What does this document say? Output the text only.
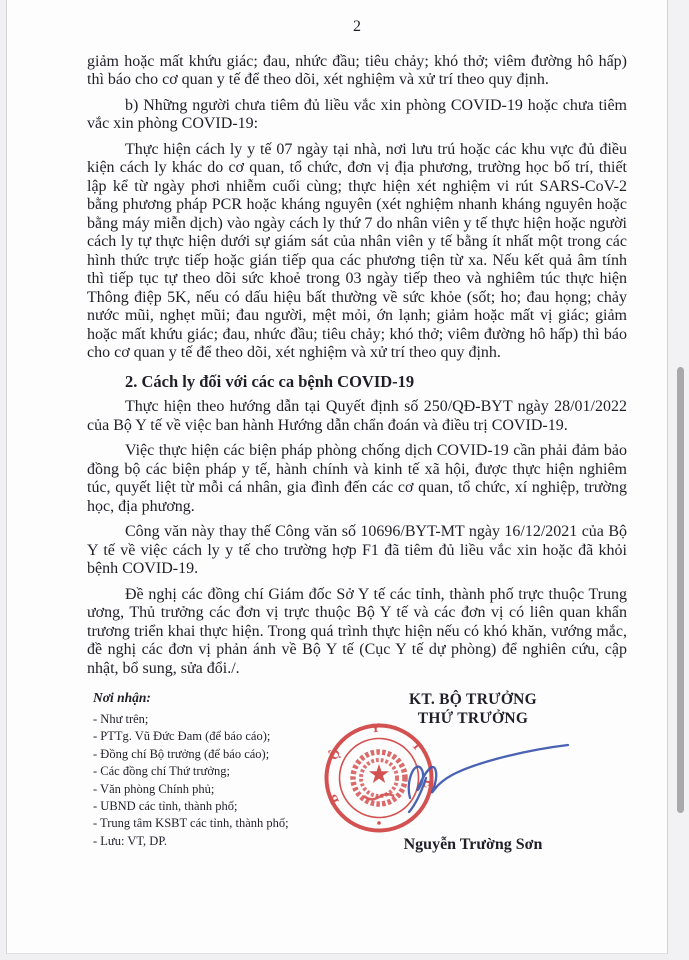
2

giảm hoặc mất khứu giác; đau, nhức đầu; tiêu chảy; khó thở; viêm đường hô hấp) thì báo cho cơ quan y tế để theo dõi, xét nghiệm và xử trí theo quy định.

b) Những người chưa tiêm đủ liều vắc xin phòng COVID-19 hoặc chưa tiêm vắc xin phòng COVID-19:

Thực hiện cách ly y tế 07 ngày tại nhà, nơi lưu trú hoặc các khu vực đủ điều kiện cách ly khác do cơ quan, tổ chức, đơn vị địa phương, trường học bố trí, thiết lập kể từ ngày phơi nhiễm cuối cùng; thực hiện xét nghiệm vi rút SARS-CoV-2 bằng phương pháp PCR hoặc kháng nguyên (xét nghiệm nhanh kháng nguyên hoặc bằng máy miễn dịch) vào ngày cách ly thứ 7 do nhân viên y tế thực hiện hoặc người cách ly tự thực hiện dưới sự giám sát của nhân viên y tế bằng ít nhất một trong các hình thức trực tiếp hoặc gián tiếp qua các phương tiện từ xa. Nếu kết quả âm tính thì tiếp tục tự theo dõi sức khoẻ trong 03 ngày tiếp theo và nghiêm túc thực hiện Thông điệp 5K, nếu có dấu hiệu bất thường về sức khỏe (sốt; ho; đau họng; chảy nước mũi, nghẹt mũi; đau người, mệt mỏi, ớn lạnh; giảm hoặc mất vị giác; giảm hoặc mất khứu giác; đau, nhức đầu; tiêu chảy; khó thở; viêm đường hô hấp) thì báo cho cơ quan y tế để theo dõi, xét nghiệm và xử trí theo quy định.

2. Cách ly đối với các ca bệnh COVID-19

Thực hiện theo hướng dẫn tại Quyết định số 250/QĐ-BYT ngày 28/01/2022 của Bộ Y tế về việc ban hành Hướng dẫn chẩn đoán và điều trị COVID-19.

Việc thực hiện các biện pháp phòng chống dịch COVID-19 cần phải đảm bảo đồng bộ các biện pháp y tế, hành chính và kinh tế xã hội, được thực hiện nghiêm túc, quyết liệt từ mỗi cá nhân, gia đình đến các cơ quan, tổ chức, xí nghiệp, trường học, địa phương.

Công văn này thay thế Công văn số 10696/BYT-MT ngày 16/12/2021 của Bộ Y tế về việc cách ly y tế cho trường hợp F1 đã tiêm đủ liều vắc xin hoặc đã khỏi bệnh COVID-19.

Đề nghị các đồng chí Giám đốc Sở Y tế các tỉnh, thành phố trực thuộc Trung ương, Thủ trưởng các đơn vị trực thuộc Bộ Y tế và các đơn vị có liên quan khẩn trương triển khai thực hiện. Trong quá trình thực hiện nếu có khó khăn, vướng mắc, đề nghị các đơn vị phản ánh về Bộ Y tế (Cục Y tế dự phòng) để nghiên cứu, cập nhật, bổ sung, sửa đổi./.

Nơi nhận:
- Như trên;
- PTTg. Vũ Đức Đam (để báo cáo);
- Đồng chí Bộ trưởng (để báo cáo);
- Các đồng chí Thứ trưởng;
- Văn phòng Chính phủ;
- UBND các tỉnh, thành phố;
- Trung tâm KSBT các tỉnh, thành phố;
- Lưu: VT, DP.
KT. BỘ TRƯỞNG
THỨ TRƯỞNG
B
Ộ
Y
T
Ế
Nguyễn Trường Sơn
